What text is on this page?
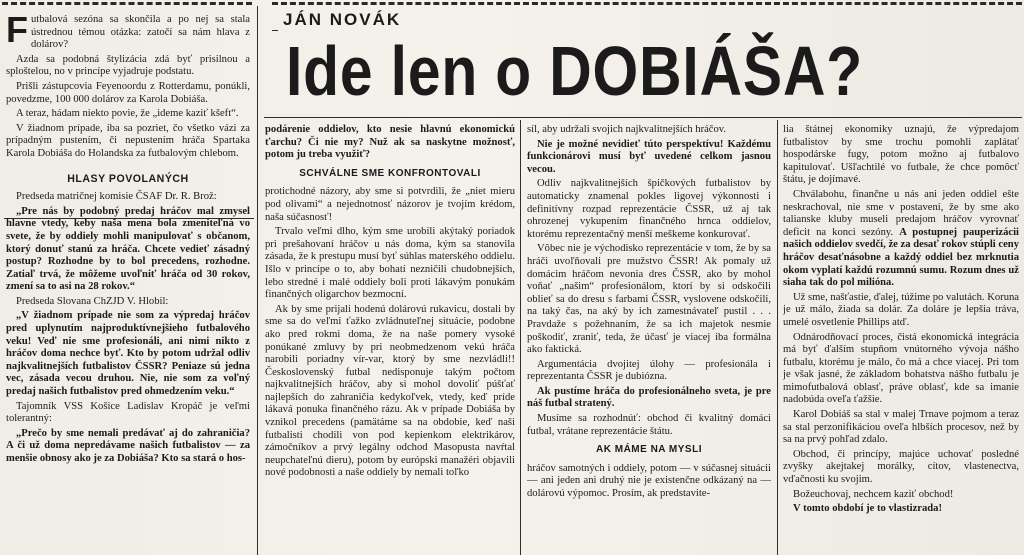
JÁN NOVÁK
Ide len o DOBIÁŠA?

Futbalová sezóna sa skončila a po nej sa stala ústrednou témou otázka: zatočí sa nám hlava z dolárov?

Azda sa podobná štylizácia zdá byť prisilnou a sploštelou, no v princípe vyjadruje podstatu.

Prišli zástupcovia Feyenoordu z Rotterdamu, ponúkli, povedzme, 100 000 dolárov za Karola Dobiáša.

A teraz, hádam niekto povie, že „ideme kaziť kšeft“.

V žiadnom prípade, iba sa pozriet, čo všetko vázi za prípadným pustením, či nepustením hráča Spartaka Karola Dobiáša do Holandska za futbalovým chlebom.

HLASY POVOLANÝCH

Predseda matričnej komisie ČSAF Dr. R. Brož:

„Pre nás by podobný predaj hráčov mal zmysel hlavne vtedy, keby naša mena bola zmeniteľná vo svete, že by oddiely mohli manipulovať s občanom, ktorý donuť stanú za hráča. Chcete vedieť zásadný postup? Rozhodne by to bol precedens, rozhodne. Zatiaľ trvá, že môžeme uvoľniť hráča od 30 rokov, zmení sa to asi na 28 rokov.“

Predseda Slovana ChZJD V. Hlobil:

„V žiadnom prípade nie som za výpredaj hráčov pred uplynutím najproduktívnejšieho futbalového veku! Veď nie sme profesionáli, ani nimi nikto z hráčov doma nechce byť. Kto by potom udržal odliv najkvalitnejších futbalistov ČSSR? Peniaze sú jedna vec, zásada vecou druhou. Nie, nie som za voľný predaj našich futbalistov pred ohmedzením veku.“

Tajomník VSS Košice Ladislav Kropáč je veľmi tolerantný:

„Prečo by sme nemali predávať aj do zahraničia? A či už doma nepredávame našich futbalistov — za menšie obnosy ako je za Dobiáša? Kto sa stará o hos-

podárenie oddielov, kto nesie hlavnú ekonomickú ťarchu? Či nie my? Nuž ak sa naskytne možnosť, potom ju treba využiť?

SCHVÁLNE SME KONFRONTOVALI

protichodné názory, aby sme si potvrdili, že „niet mieru pod olivami“ a nejednotnosť názorov je tvojím krédom, naša súčasnosť!

Trvalo veľmi dlho, kým sme urobili akýtaký poriadok pri prešahovaní hráčov u nás doma, kým sa stanovila zásada, že k prestupu musí byť súhlas materského oddielu. Išlo v princípe o to, aby bohatí nezničili chudobnejších, lebo stredné i malé oddiely boli proti lákavým ponukám finančných oligarchov bezmocní.

Ak by sme prijali hodenú dolárovú rukavicu, dostali by sme sa do veľmi ťažko zvládnuteľnej situácie, podobne ako pred rokmi doma, že na naše pomery vysoké ponúkané zmluvy by pri neobmedzenom vekú hráča narobili poriadny vír-var, ktorý by sme nezvládli!! Československý futbal nedisponuje takým počtom najkvalitnejších hráčov, aby si mohol dovoliť púšťať najlepších do zahraničia kedykoľvek, vtedy, keď príde lákavá ponuka finančného rázu. Ak v prípade Dobiáša by vznikol precedens (pamätáme sa na obdobie, keď naši futbalisti chodili von pod kepienkom elektrikárov, zámočníkov a prvý legálny odchod Masopusta navŕtal neupchateľnú dieru), potom by európski manažéri objavili nové podobnosti a naše oddiely by nemali toľko

síl, aby udržali svojich najkvalitnejších hráčov.

Nie je možné nevidieť túto perspektívu! Každému funkcionárovi musí byť uvedené celkom jasnou vecou.

Odliv najkvalitnejších špičkových futbalistov by automaticky znamenal pokles ligovej výkonnosti i definitívny rozpad reprezentácie ČSSR, už aj tak ohrozenej vykupením finančného hrnca oddielov, ktorému reprezentačný menší meškeme konkurovať.

Vôbec nie je východisko reprezentácie v tom, že by sa hráči uvoľňovali pre mužstvo ČSSR! Ak pomaly už domácim hráčom nevonia dres ČSSR, ako by mohol voňať „našim“ profesionálom, ktorí by si odskočili oblieť sa do dresu s farbami ČSSR, vyslovene odskočili, na taký čas, na aký by ich zamestnávateľ pustil . . . Pravdaže s požehnaním, že sa ich majetok nesmie poškodiť, zraniť, teda, že účasť je viacej iba formálna ako faktická.

Argumentácia dvojitej úlohy — profesionála i reprezentanta ČSSR je dubiózna.

Ak pustíme hráča do profesionálneho sveta, je pre náš futbal stratený.

Musíme sa rozhodnúť: obchod či kvalitný domáci futbal, vrátane reprezentácie štátu.

AK MÁME NA MYSLI

hráčov samotných i oddiely, potom — v súčasnej situácii — ani jeden ani druhý nie je existenčne odkázaný na — dolárovú výpomoc. Prosím, ak predstavite-

lia štátnej ekonomiky uznajú, že výpredajom futbalistov by sme trochu pomohli zaplátať hospodárske fugy, potom možno aj futbalovo kapitulovať. Ušľachtilé vo futbale, že chce pomôcť štátu, je dojímavé.

Chválabohu, finančne u nás ani jeden oddiel ešte neskrachoval, nie sme v postavení, že by sme ako talianske kluby museli predajom hráčov vyrovnať deficit na konci sezóny. A postupnej pauperizácii našich oddielov svedčí, že za desať rokov stúpli ceny hráčov desaťnásobne a každý oddiel bez mrknutia okom vyplatí každú rozumnú sumu. Rozum dnes už siaha tak do pol milióna.

Už sme, našťastie, ďalej, túžime po valutách. Koruna je už málo, žiada sa dolár. Za doláre je lepšia tráva, umelé osvetlenie Phillips atď.

Odnárodňovací proces, čistá ekonomická integrácia má byť ďalším stupňom vnútorného vývoja nášho futbalu, ktorému je málo, čo má a chce viacej. Pri tom je však jasné, že základom bohatstva nášho futbalu je mimofutbalová oblasť, práve oblasť, kde sa imanie nadobúda oveľa ťažšie.

Karol Dobiáš sa stal v malej Trnave pojmom a teraz sa stal perzonifikáciou oveľa hlbších procesov, než by sa na prvý pohľad zdalo.

Obchod, či princípy, majúce uchovať posledné zvyšky akejtakej morálky, cítov, vlastenectva, vďačnosti ku svojim.

Božeuchovaj, nechcem kaziť obchod!

V tomto období je to vlastizrada!
